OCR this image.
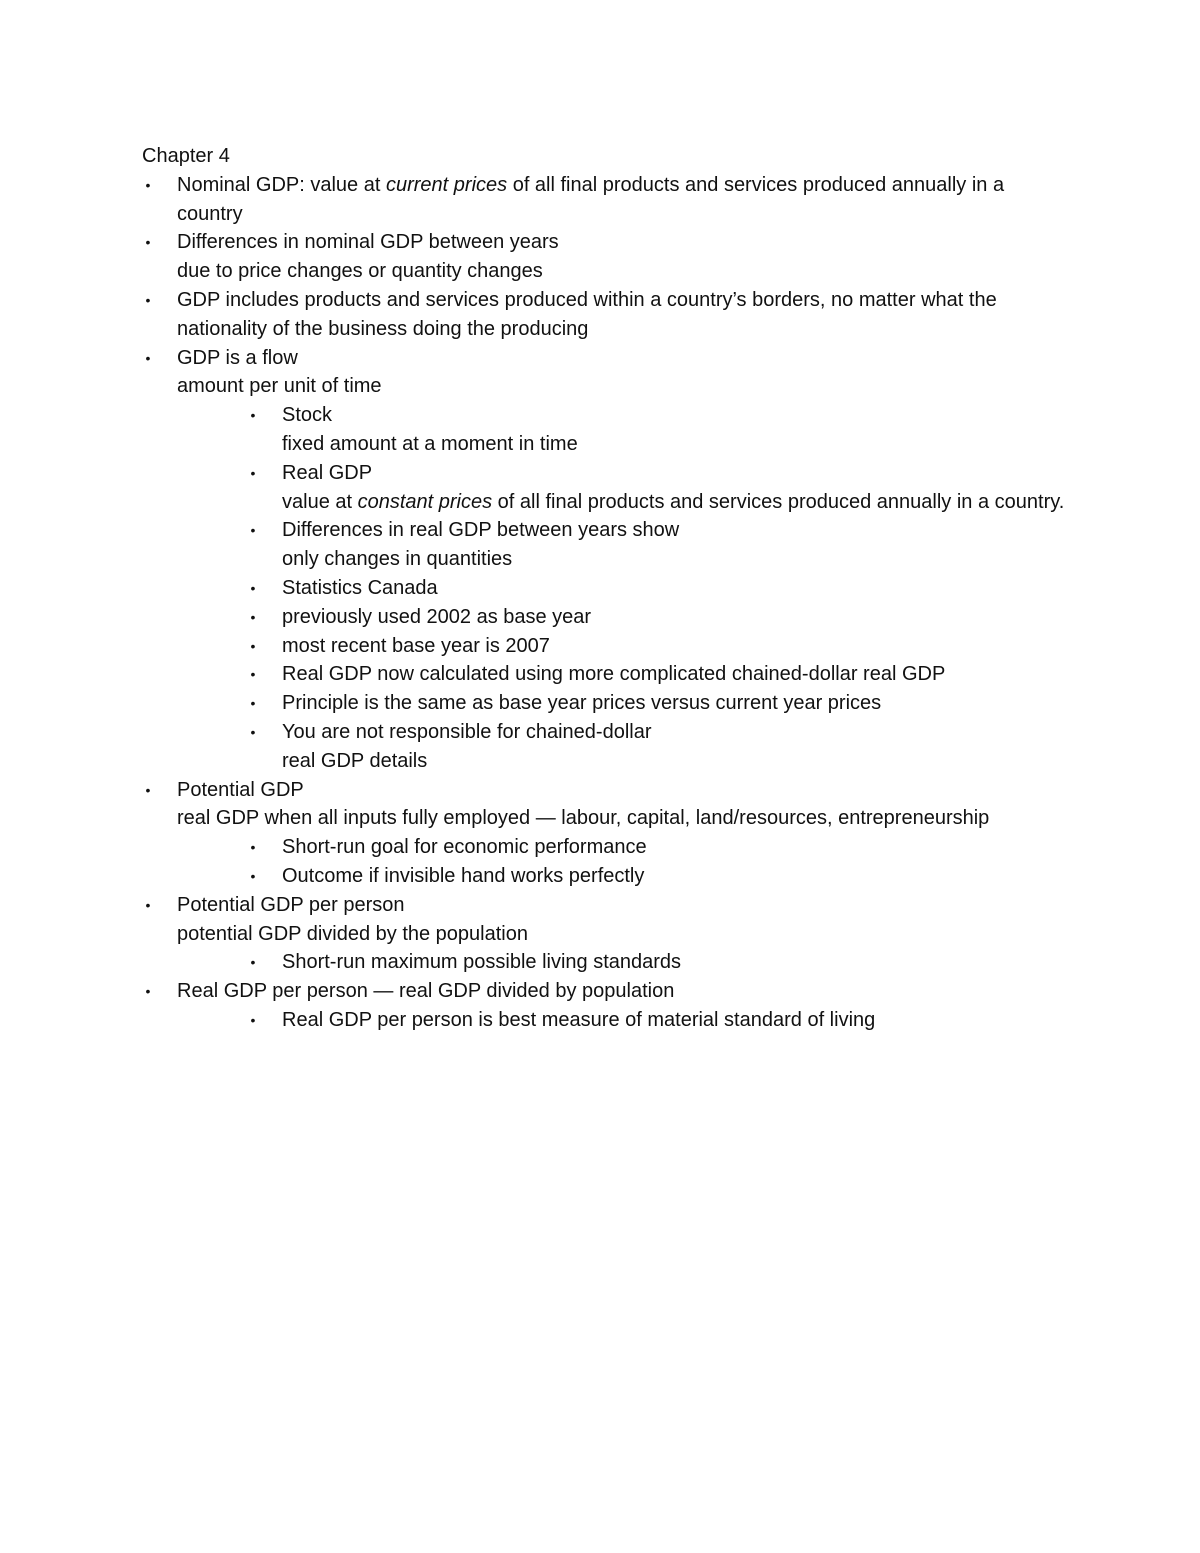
Chapter 4
• Nominal GDP: value at current prices of all final products and services produced annually in a country
• Differences in nominal GDP between years
due to price changes or quantity changes
• GDP includes products and services produced within a country’s borders, no matter what the nationality of the business doing the producing
• GDP is a flow
amount per unit of time
• Stock
fixed amount at a moment in time
• Real GDP
value at constant prices of all final products and services produced annually in a country.
• Differences in real GDP between years show
only changes in quantities
• Statistics Canada
• previously used 2002 as base year
• most recent base year is 2007
• Real GDP now calculated using more complicated chained-dollar real GDP
• Principle is the same as base year prices versus current year prices
• You are not responsible for chained-dollar
real GDP details
• Potential GDP
real GDP when all inputs fully employed — labour, capital, land/resources, entrepreneurship
• Short-run goal for economic performance
• Outcome if invisible hand works perfectly
• Potential GDP per person
potential GDP divided by the population
• Short-run maximum possible living standards
• Real GDP per person — real GDP divided by population
• Real GDP per person is best measure of material standard of living
